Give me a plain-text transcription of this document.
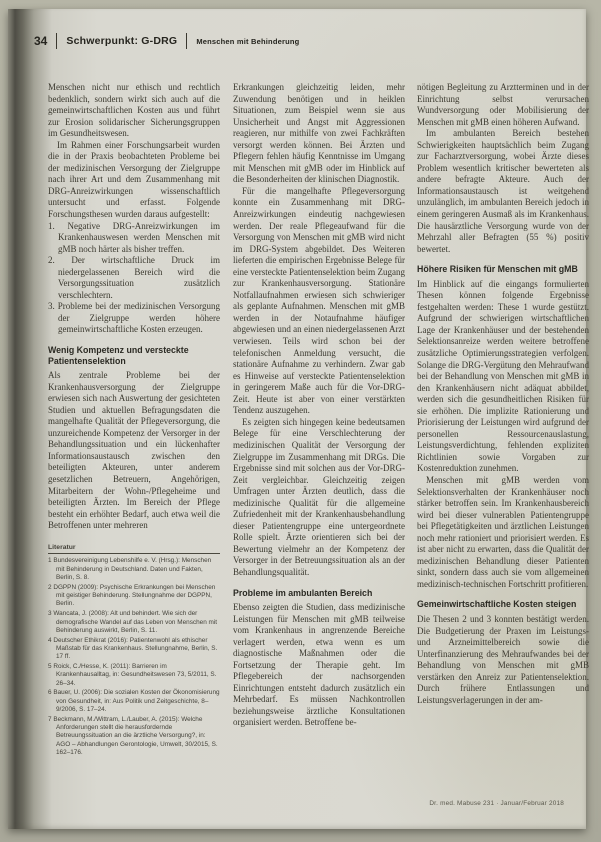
34 Schwerpunkt: G-DRG	Menschen mit Behinderung

Menschen nicht nur ethisch und rechtlich bedenklich, sondern wirkt sich auch auf die gemeinwirtschaftlichen Kosten aus und führt zur Erosion solidarischer Sicherungsgruppen im Gesundheitswesen.

Im Rahmen einer Forschungsarbeit wurden die in der Praxis beobachteten Probleme bei der medizinischen Versorgung der Zielgruppe nach ihrer Art und dem Zusammenhang mit DRG-Anreizwirkungen wissenschaftlich untersucht und erfasst. Folgende Forschungsthesen wurden daraus aufgestellt:

1. Negative DRG-Anreizwirkungen im Krankenhauswesen werden Menschen mit gMB noch härter als bisher treffen.

2. Der wirtschaftliche Druck im niedergelassenen Bereich wird die Versorgungssituation zusätzlich verschlechtern.

3. Probleme bei der medizinischen Versorgung der Zielgruppe werden höhere gemeinwirtschaftliche Kosten erzeugen.

Wenig Kompetenz und versteckte Patientenselektion

Als zentrale Probleme bei der Krankenhausversorgung der Zielgruppe erwiesen sich nach Auswertung der gesichteten Studien und aktuellen Befragungsdaten die mangelhafte Qualität der Pflegeversorgung, die unzureichende Kompetenz der Versorger in der Behandlungssituation und ein lückenhafter Informationsaustausch zwischen den beteiligten Akteuren, unter anderem gesetzlichen Betreuern, Angehörigen, Mitarbeitern der Wohn-/Pflegeheime und beteiligten Ärzten. Im Bereich der Pflege besteht ein erhöhter Bedarf, auch etwa weil die Betroffenen unter mehreren

Literatur
1 Bundesvereinigung Lebenshilfe e. V. (Hrsg.): Menschen mit Behinderung in Deutschland. Daten und Fakten, Berlin, S. 8.
2 DGPPN (2009): Psychische Erkrankungen bei Menschen mit geistiger Behinderung. Stellungnahme der DGPPN, Berlin.
3 Wancata, J. (2008): Alt und behindert. Wie sich der demografische Wandel auf das Leben von Menschen mit Behinderung auswirkt, Berlin, S. 11.
4 Deutscher Ethikrat (2016): Patientenwohl als ethischer Maßstab für das Krankenhaus. Stellungnahme, Berlin, S. 17 ff.
5 Roick, C./Hesse, K. (2011): Barrieren im Krankenhausalltag, in: Gesundheitswesen 73, 5/2011, S. 26–34.
6 Bauer, U. (2006): Die sozialen Kosten der Ökonomisierung von Gesundheit, in: Aus Politik und Zeitgeschichte, 8–9/2006, S. 17–24.
7 Beckmann, M./Wittram, L./Lauber, A. (2015): Welche Anforderungen stellt die herausfordernde Betreuungssituation an die ärztliche Versorgung?, in: AGO – Abhandlungen Gerontologie, Umwelt, 30/2015, S. 162–176.

Erkrankungen gleichzeitig leiden, mehr Zuwendung benötigen und in heiklen Situationen, zum Beispiel wenn sie aus Unsicherheit und Angst mit Aggressionen reagieren, nur mithilfe von zwei Fachkräften versorgt werden können. Bei Ärzten und Pflegern fehlen häufig Kenntnisse im Umgang mit Menschen mit gMB oder im Hinblick auf die Besonderheiten der klinischen Diagnostik.

Für die mangelhafte Pflegeversorgung konnte ein Zusammenhang mit DRG-Anreizwirkungen eindeutig nachgewiesen werden. Der reale Pflegeaufwand für die Versorgung von Menschen mit gMB wird nicht im DRG-System abgebildet. Des Weiteren lieferten die empirischen Ergebnisse Belege für eine versteckte Patientenselektion beim Zugang zur Krankenhausversorgung. Stationäre Notfallaufnahmen erwiesen sich schwieriger als geplante Aufnahmen. Menschen mit gMB werden in der Notaufnahme häufiger abgewiesen und an einen niedergelassenen Arzt verwiesen. Teils wird schon bei der telefonischen Anmeldung versucht, die stationäre Aufnahme zu verhindern. Zwar gab es Hinweise auf versteckte Patientenselektion in geringerem Maße auch für die Vor-DRG-Zeit. Heute ist aber von einer verstärkten Tendenz auszugehen.

Es zeigten sich hingegen keine bedeutsamen Belege für eine Verschlechterung der medizinischen Qualität der Versorgung der Zielgruppe im Zusammenhang mit DRGs. Die Ergebnisse sind mit solchen aus der Vor-DRG-Zeit vergleichbar. Gleichzeitig zeigen Umfragen unter Ärzten deutlich, dass die medizinische Qualität für die allgemeine Zufriedenheit mit der Krankenhausbehandlung dieser Patientengruppe eine untergeordnete Rolle spielt. Ärzte orientieren sich bei der Bewertung vielmehr an der Kompetenz der Versorger in der Betreuungssituation als an der Behandlungsqualität.

Probleme im ambulanten Bereich

Ebenso zeigten die Studien, dass medizinische Leistungen für Menschen mit gMB teilweise vom Krankenhaus in angrenzende Bereiche verlagert werden, etwa wenn es um diagnostische Maßnahmen oder die Fortsetzung der Therapie geht. Im Pflegebereich der nachsorgenden Einrichtungen entsteht dadurch zusätzlich ein Mehrbedarf. Es müssen Nachkontrollen beziehungsweise ärztliche Konsultationen organisiert werden. Betroffene be-

nötigen Begleitung zu Arztterminen und in der Einrichtung selbst verursachen Wundversorgung oder Mobilisierung der Menschen mit gMB einen höheren Aufwand.

Im ambulanten Bereich bestehen Schwierigkeiten hauptsächlich beim Zugang zur Facharztversorgung, wobei Ärzte dieses Problem wesentlich kritischer bewerteten als andere befragte Akteure. Auch der Informationsaustausch ist weitgehend unzulänglich, im ambulanten Bereich jedoch in einem geringeren Ausmaß als im Krankenhaus. Die hausärztliche Versorgung wurde von der Mehrzahl aller Befragten (55 %) positiv bewertet.

Höhere Risiken für Menschen mit gMB

Im Hinblick auf die eingangs formulierten Thesen können folgende Ergebnisse festgehalten werden: These 1 wurde gestützt. Aufgrund der schwierigen wirtschaftlichen Lage der Krankenhäuser und der bestehenden Selektionsanreize werden weitere betroffene zusätzliche Optimierungsstrategien verfolgen. Solange die DRG-Vergütung den Mehraufwand bei der Behandlung von Menschen mit gMB in den Krankenhäusern nicht adäquat abbildet, werden sich die gesundheitlichen Risiken für sie erhöhen. Die implizite Rationierung und Priorisierung der Leistungen wird aufgrund der personellen Ressourcenauslastung, Leistungsverdichtung, fehlenden expliziten Richtlinien sowie Vorgaben zur Kostenreduktion zunehmen.

Menschen mit gMB werden vom Selektionsverhalten der Krankenhäuser noch stärker betroffen sein. Im Krankenhausbereich wird bei dieser vulnerablen Patientengruppe bei Pflegetätigkeiten und ärztlichen Leistungen noch mehr rationiert und priorisiert werden. Es ist aber nicht zu erwarten, dass die Qualität der medizinischen Behandlung dieser Patienten sinkt, sondern dass auch sie vom allgemeinen medizinisch-technischen Fortschritt profitieren.

Gemeinwirtschaftliche Kosten steigen

Die Thesen 2 und 3 konnten bestätigt werden. Die Budgetierung der Praxen im Leistungs- und Arzneimittelbereich sowie die Unterfinanzierung des Mehraufwandes bei der Behandlung von Menschen mit gMB verstärken den Anreiz zur Patientenselektion. Durch frühere Entlassungen und Leistungsverlagerungen in der am-

Dr. med. Mabuse 231 · Januar/Februar 2018
